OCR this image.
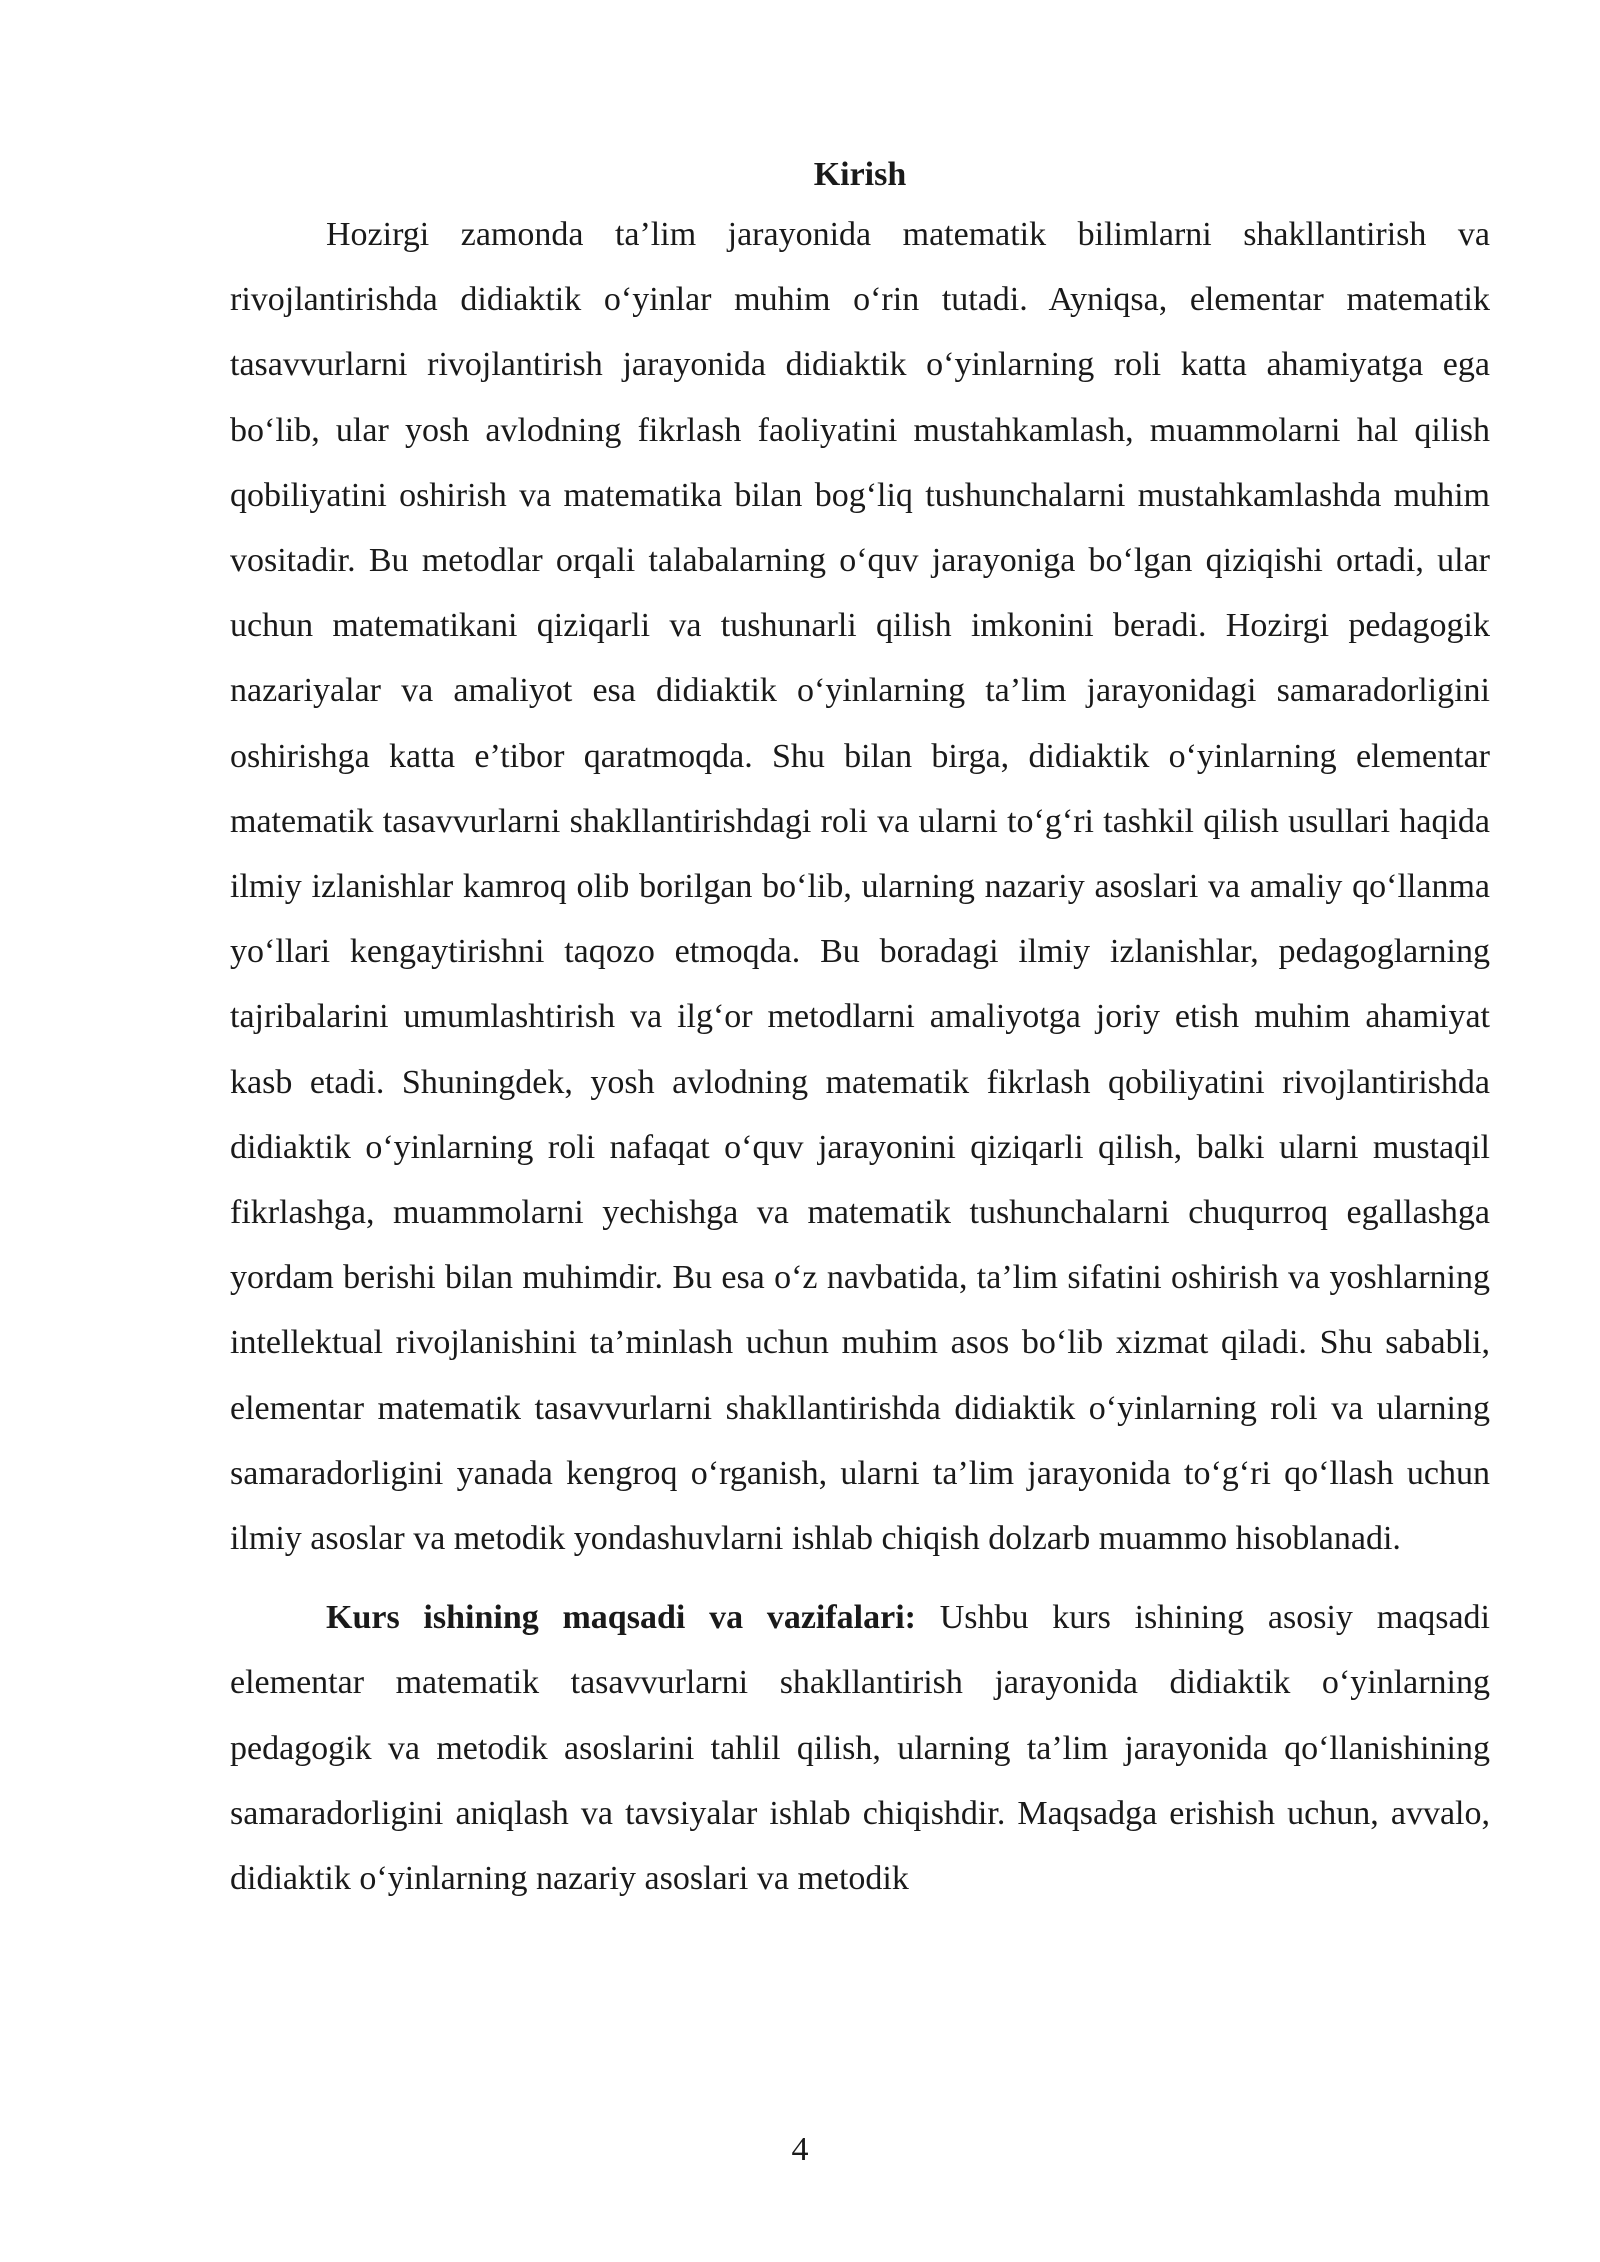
Kirish

Hozirgi zamonda ta’lim jarayonida matematik bilimlarni shakllantirish va rivojlantirishda didiaktik o‘yinlar muhim o‘rin tutadi. Ayniqsa, elementar matematik tasavvurlarni rivojlantirish jarayonida didiaktik o‘yinlarning roli katta ahamiyatga ega bo‘lib, ular yosh avlodning fikrlash faoliyatini mustahkamlash, muammolarni hal qilish qobiliyatini oshirish va matematika bilan bog‘liq tushunchalarni mustahkamlashda muhim vositadir. Bu metodlar orqali talabalarning o‘quv jarayoniga bo‘lgan qiziqishi ortadi, ular uchun matematikani qiziqarli va tushunarli qilish imkonini beradi. Hozirgi pedagogik nazariyalar va amaliyot esa didiaktik o‘yinlarning ta’lim jarayonidagi samaradorligini oshirishga katta e’tibor qaratmoqda. Shu bilan birga, didiaktik o‘yinlarning elementar matematik tasavvurlarni shakllantirishdagi roli va ularni to‘g‘ri tashkil qilish usullari haqida ilmiy izlanishlar kamroq olib borilgan bo‘lib, ularning nazariy asoslari va amaliy qo‘llanma yo‘llari kengaytirishni taqozo etmoqda. Bu boradagi ilmiy izlanishlar, pedagoglarning tajribalarini umumlashtirish va ilg‘or metodlarni amaliyotga joriy etish muhim ahamiyat kasb etadi. Shuningdek, yosh avlodning matematik fikrlash qobiliyatini rivojlantirishda didiaktik o‘yinlarning roli nafaqat o‘quv jarayonini qiziqarli qilish, balki ularni mustaqil fikrlashga, muammolarni yechishga va matematik tushunchalarni chuqurroq egallashga yordam berishi bilan muhimdir. Bu esa o‘z navbatida, ta’lim sifatini oshirish va yoshlarning intellektual rivojlanishini ta’minlash uchun muhim asos bo‘lib xizmat qiladi. Shu sababli, elementar matematik tasavvurlarni shakllantirishda didiaktik o‘yinlarning roli va ularning samaradorligini yanada kengroq o‘rganish, ularni ta’lim jarayonida to‘g‘ri qo‘llash uchun ilmiy asoslar va metodik yondashuvlarni ishlab chiqish dolzarb muammo hisoblanadi.

Kurs ishining maqsadi va vazifalari: Ushbu kurs ishining asosiy maqsadi elementar matematik tasavvurlarni shakllantirish jarayonida didiaktik o‘yinlarning pedagogik va metodik asoslarini tahlil qilish, ularning ta’lim jarayonida qo‘llanishining samaradorligini aniqlash va tavsiyalar ishlab chiqishdir. Maqsadga erishish uchun, avvalo, didiaktik o‘yinlarning nazariy asoslari va metodik

4
